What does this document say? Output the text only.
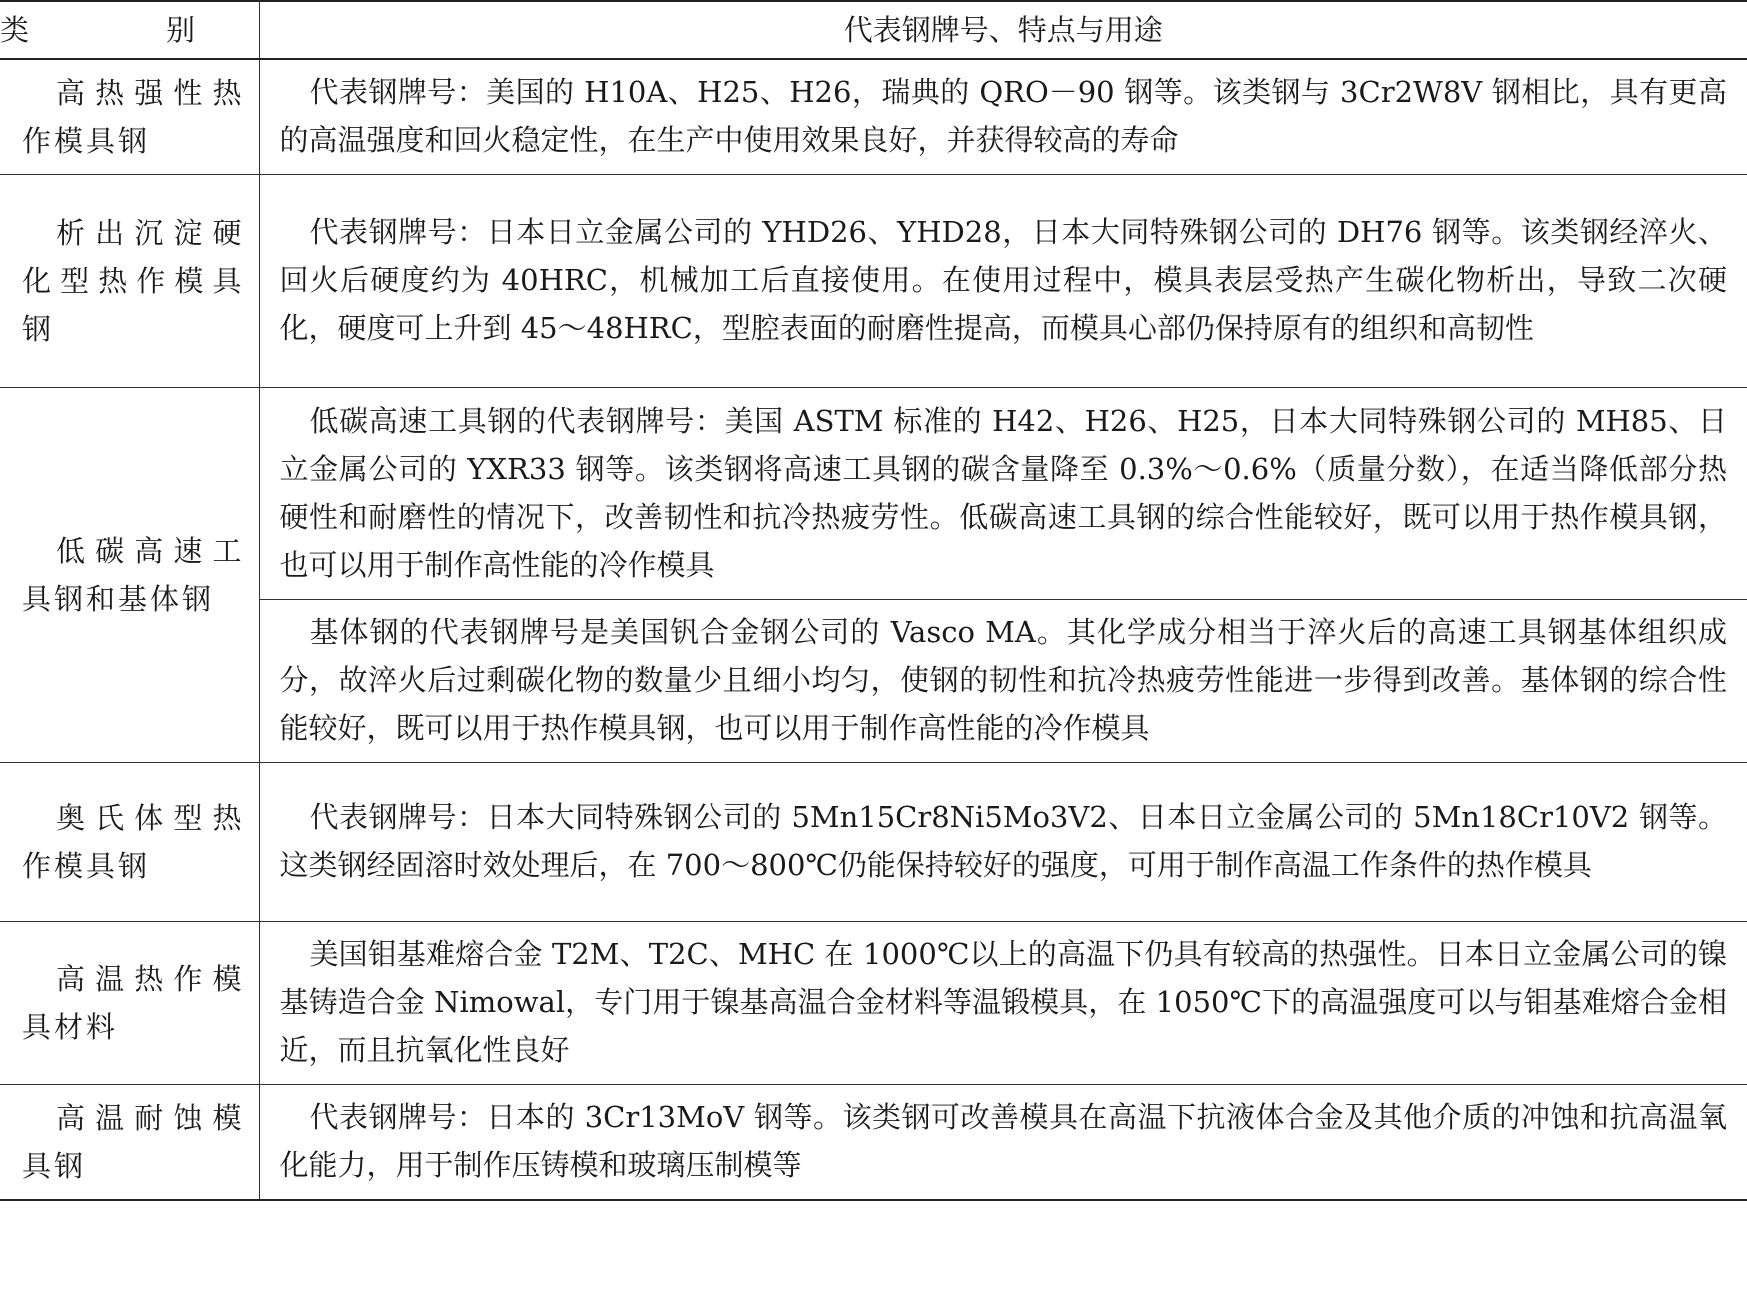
类　别	代表钢牌号、特点与用途

高热强性热作模具钢	代表钢牌号：美国的 H10A、H25、H26，瑞典的 QRO－90 钢等。该类钢与 3Cr2W8V 钢相比，具有更高的高温强度和回火稳定性，在生产中使用效果良好，并获得较高的寿命

析出沉淀硬化型热作模具钢	代表钢牌号：日本日立金属公司的 YHD26、YHD28，日本大同特殊钢公司的 DH76 钢等。该类钢经淬火、回火后硬度约为 40HRC，机械加工后直接使用。在使用过程中，模具表层受热产生碳化物析出，导致二次硬化，硬度可上升到 45～48HRC，型腔表面的耐磨性提高，而模具心部仍保持原有的组织和高韧性

低碳高速工具钢和基体钢	低碳高速工具钢的代表钢牌号：美国 ASTM 标准的 H42、H26、H25，日本大同特殊钢公司的 MH85、日立金属公司的 YXR33 钢等。该类钢将高速工具钢的碳含量降至 0.3%～0.6%（质量分数），在适当降低部分热硬性和耐磨性的情况下，改善韧性和抗冷热疲劳性。低碳高速工具钢的综合性能较好，既可以用于热作模具钢，也可以用于制作高性能的冷作模具

	基体钢的代表钢牌号是美国钒合金钢公司的 Vasco MA。其化学成分相当于淬火后的高速工具钢基体组织成分，故淬火后过剩碳化物的数量少且细小均匀，使钢的韧性和抗冷热疲劳性能进一步得到改善。基体钢的综合性能较好，既可以用于热作模具钢，也可以用于制作高性能的冷作模具

奥氏体型热作模具钢	代表钢牌号：日本大同特殊钢公司的 5Mn15Cr8Ni5Mo3V2、日本日立金属公司的 5Mn18Cr10V2 钢等。这类钢经固溶时效处理后，在 700～800℃仍能保持较好的强度，可用于制作高温工作条件的热作模具

高温热作模具材料	美国钼基难熔合金 T2M、T2C、MHC 在 1000℃以上的高温下仍具有较高的热强性。日本日立金属公司的镍基铸造合金 Nimowal，专门用于镍基高温合金材料等温锻模具，在 1050℃下的高温强度可以与钼基难熔合金相近，而且抗氧化性良好

高温耐蚀模具钢	代表钢牌号：日本的 3Cr13MoV 钢等。该类钢可改善模具在高温下抗液体合金及其他介质的冲蚀和抗高温氧化能力，用于制作压铸模和玻璃压制模等
